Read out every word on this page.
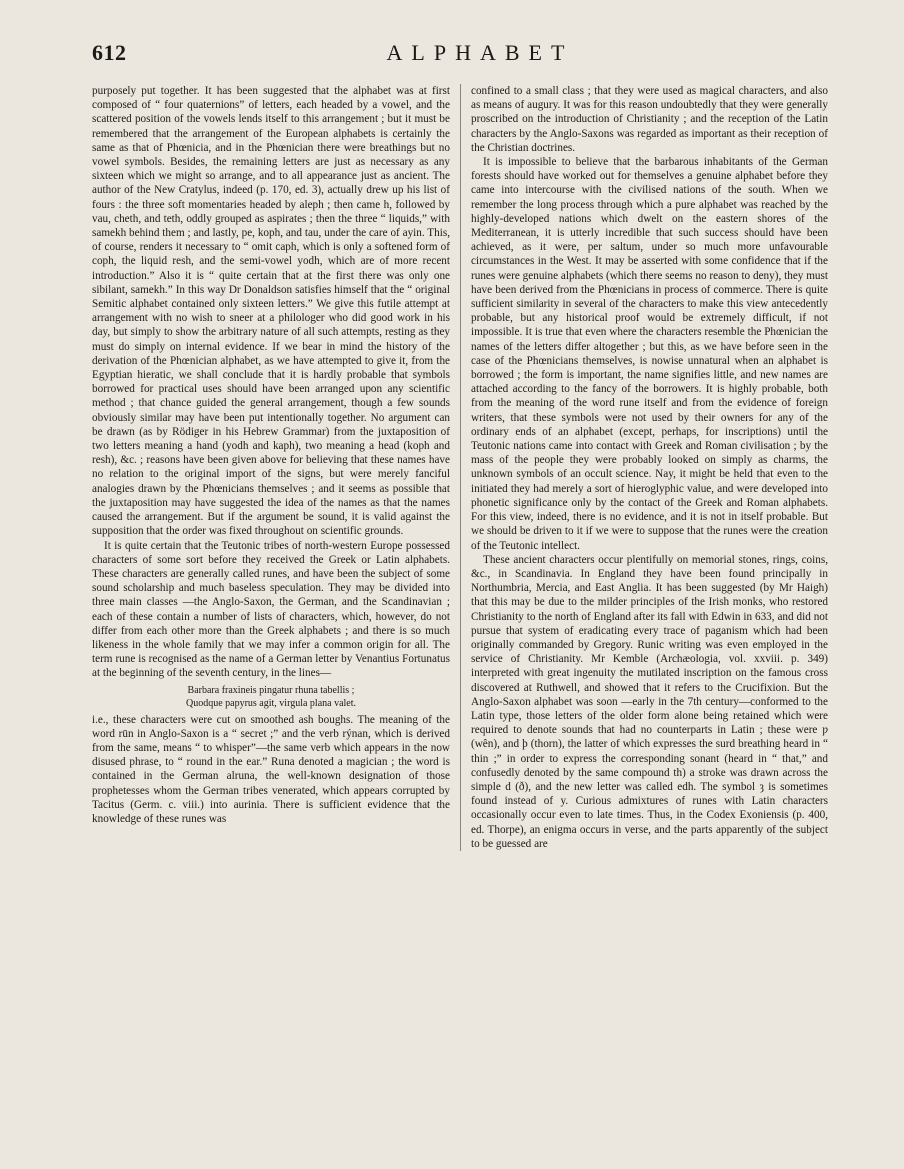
612	ALPHABET

purposely put together. It has been suggested that the alphabet was at first composed of “ four quaternions” of letters, each headed by a vowel, and the scattered position of the vowels lends itself to this arrangement ; but it must be remembered that the arrangement of the European alphabets is certainly the same as that of Phœnicia, and in the Phœnician there were breathings but no vowel symbols. Besides, the remaining letters are just as necessary as any sixteen which we might so arrange, and to all appearance just as ancient. The author of the New Cratylus, indeed (p. 170, ed. 3), actually drew up his list of fours : the three soft momentaries headed by aleph ; then came h, followed by vau, cheth, and teth, oddly grouped as aspirates ; then the three “ liquids,” with samekh behind them ; and lastly, pe, koph, and tau, under the care of ayin. This, of course, renders it necessary to “ omit caph, which is only a softened form of coph, the liquid resh, and the semi-vowel yodh, which are of more recent introduction.” Also it is “ quite certain that at the first there was only one sibilant, samekh.” In this way Dr Donaldson satisfies himself that the “ original Semitic alphabet contained only sixteen letters.” We give this futile attempt at arrangement with no wish to sneer at a philologer who did good work in his day, but simply to show the arbitrary nature of all such attempts, resting as they must do simply on internal evidence. If we bear in mind the history of the derivation of the Phœnician alphabet, as we have attempted to give it, from the Egyptian hieratic, we shall conclude that it is hardly probable that symbols borrowed for practical uses should have been arranged upon any scientific method ; that chance guided the general arrangement, though a few sounds obviously similar may have been put intentionally together. No argument can be drawn (as by Rödiger in his Hebrew Grammar) from the juxtaposition of two letters meaning a hand (yodh and kaph), two meaning a head (koph and resh), &c. ; reasons have been given above for believing that these names have no relation to the original import of the signs, but were merely fanciful analogies drawn by the Phœnicians themselves ; and it seems as possible that the juxtaposition may have suggested the idea of the names as that the names caused the arrangement. But if the argument be sound, it is valid against the supposition that the order was fixed throughout on scientific grounds.

It is quite certain that the Teutonic tribes of north-western Europe possessed characters of some sort before they received the Greek or Latin alphabets. These characters are generally called runes, and have been the subject of some sound scholarship and much baseless speculation. They may be divided into three main classes —the Anglo-Saxon, the German, and the Scandinavian ; each of these contain a number of lists of characters, which, however, do not differ from each other more than the Greek alphabets ; and there is so much likeness in the whole family that we may infer a common origin for all. The term rune is recognised as the name of a German letter by Venantius Fortunatus at the beginning of the seventh century, in the lines—

Barbara fraxineis pingatur rhuna tabellis ;
Quodque papyrus agit, virgula plana valet.

i.e., these characters were cut on smoothed ash boughs. The meaning of the word rūn in Anglo-Saxon is a “ secret ;” and the verb rýnan, which is derived from the same, means “ to whisper”—the same verb which appears in the now disused phrase, to “ round in the ear.” Runa denoted a magician ; the word is contained in the German alruna, the well-known designation of those prophetesses whom the German tribes venerated, which appears corrupted by Tacitus (Germ. c. viii.) into aurinia. There is sufficient evidence that the knowledge of these runes was

confined to a small class ; that they were used as magical characters, and also as means of augury. It was for this reason undoubtedly that they were generally proscribed on the introduction of Christianity ; and the reception of the Latin characters by the Anglo-Saxons was regarded as important as their reception of the Christian doctrines.

It is impossible to believe that the barbarous inhabitants of the German forests should have worked out for themselves a genuine alphabet before they came into intercourse with the civilised nations of the south. When we remember the long process through which a pure alphabet was reached by the highly-developed nations which dwelt on the eastern shores of the Mediterranean, it is utterly incredible that such success should have been achieved, as it were, per saltum, under so much more unfavourable circumstances in the West. It may be asserted with some confidence that if the runes were genuine alphabets (which there seems no reason to deny), they must have been derived from the Phœnicians in process of commerce. There is quite sufficient similarity in several of the characters to make this view antecedently probable, but any historical proof would be extremely difficult, if not impossible. It is true that even where the characters resemble the Phœnician the names of the letters differ altogether ; but this, as we have before seen in the case of the Phœnicians themselves, is nowise unnatural when an alphabet is borrowed ; the form is important, the name signifies little, and new names are attached according to the fancy of the borrowers. It is highly probable, both from the meaning of the word rune itself and from the evidence of foreign writers, that these symbols were not used by their owners for any of the ordinary ends of an alphabet (except, perhaps, for inscriptions) until the Teutonic nations came into contact with Greek and Roman civilisation ; by the mass of the people they were probably looked on simply as charms, the unknown symbols of an occult science. Nay, it might be held that even to the initiated they had merely a sort of hieroglyphic value, and were developed into phonetic significance only by the contact of the Greek and Roman alphabets. For this view, indeed, there is no evidence, and it is not in itself probable. But we should be driven to it if we were to suppose that the runes were the creation of the Teutonic intellect.

These ancient characters occur plentifully on memorial stones, rings, coins, &c., in Scandinavia. In England they have been found principally in Northumbria, Mercia, and East Anglia. It has been suggested (by Mr Haigh) that this may be due to the milder principles of the Irish monks, who restored Christianity to the north of England after its fall with Edwin in 633, and did not pursue that system of eradicating every trace of paganism which had been originally commanded by Gregory. Runic writing was even employed in the service of Christianity. Mr Kemble (Archæologia, vol. xxviii. p. 349) interpreted with great ingenuity the mutilated inscription on the famous cross discovered at Ruthwell, and showed that it refers to the Crucifixion. But the Anglo-Saxon alphabet was soon —early in the 7th century—conformed to the Latin type, those letters of the older form alone being retained which were required to denote sounds that had no counterparts in Latin ; these were ƿ (wên), and þ (thorn), the latter of which expresses the surd breathing heard in “ thin ;” in order to express the corresponding sonant (heard in “ that,” and confusedly denoted by the same compound th) a stroke was drawn across the simple d (ð), and the new letter was called edh. The symbol ȝ is sometimes found instead of y. Curious admixtures of runes with Latin characters occasionally occur even to late times. Thus, in the Codex Exoniensis (p. 400, ed. Thorpe), an enigma occurs in verse, and the parts apparently of the subject to be guessed are
